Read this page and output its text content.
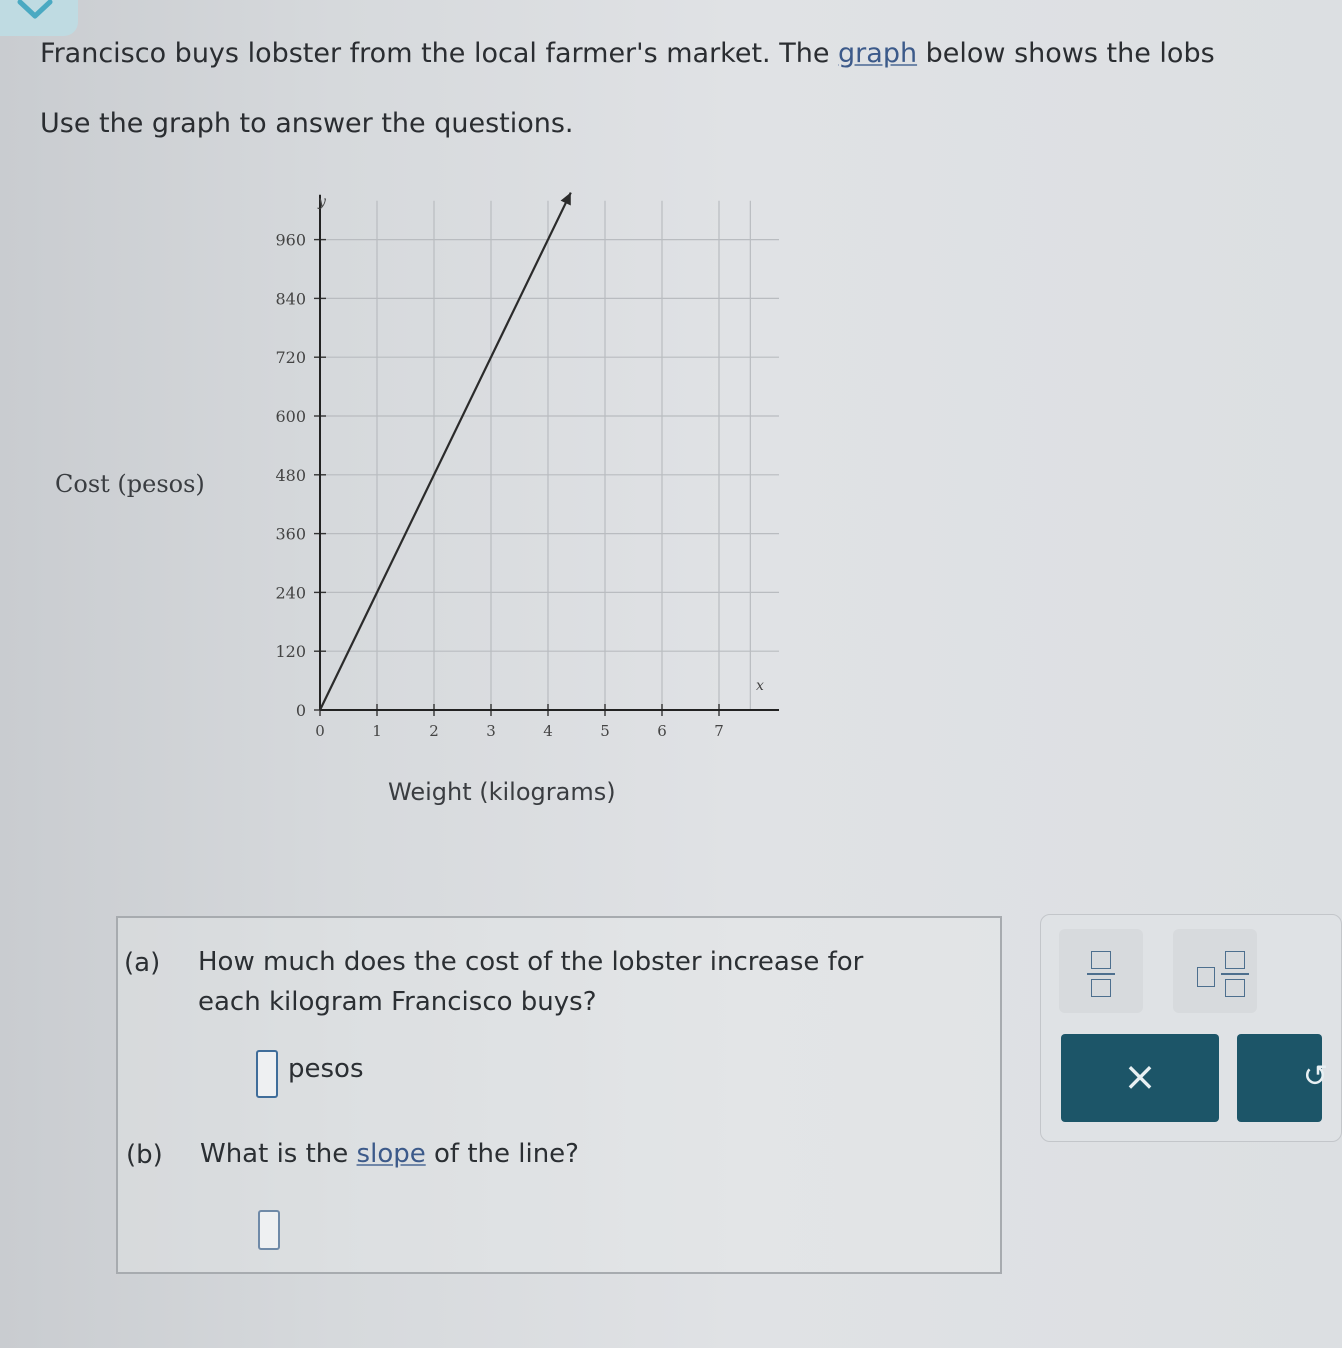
Francisco buys lobster from the local farmer's market. The graph below shows the lobs
Use the graph to answer the questions.
Cost (pesos)
Weight (kilograms)
0	1	2	3	4	5	6	7
0
120
240
360
480
600
720
840
960
y
x
(a) How much does the cost of the lobster increase for
each kilogram Francisco buys?
pesos
(b) What is the slope of the line?
×	↺
